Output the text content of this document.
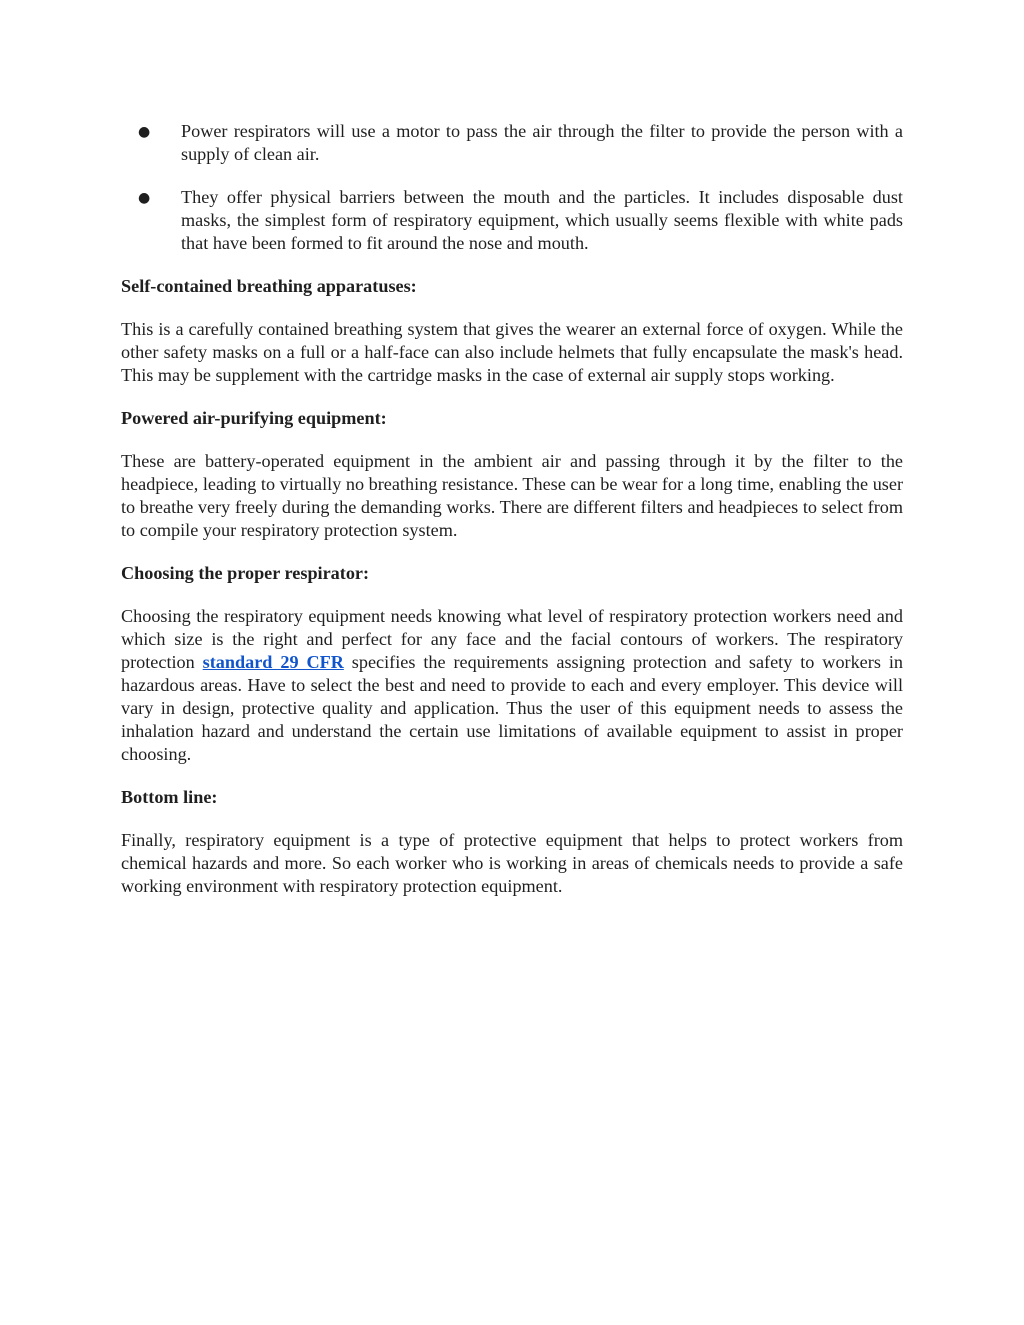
● Power respirators will use a motor to pass the air through the filter to provide the person with a supply of clean air.
● They offer physical barriers between the mouth and the particles. It includes disposable dust masks, the simplest form of respiratory equipment, which usually seems flexible with white pads that have been formed to fit around the nose and mouth.

Self-contained breathing apparatuses:

This is a carefully contained breathing system that gives the wearer an external force of oxygen. While the other safety masks on a full or a half-face can also include helmets that fully encapsulate the mask's head. This may be supplement with the cartridge masks in the case of external air supply stops working.

Powered air-purifying equipment:

These are battery-operated equipment in the ambient air and passing through it by the filter to the headpiece, leading to virtually no breathing resistance. These can be wear for a long time, enabling the user to breathe very freely during the demanding works. There are different filters and headpieces to select from to compile your respiratory protection system.

Choosing the proper respirator:

Choosing the respiratory equipment needs knowing what level of respiratory protection workers need and which size is the right and perfect for any face and the facial contours of workers. The respiratory protection standard 29 CFR specifies the requirements assigning protection and safety to workers in hazardous areas. Have to select the best and need to provide to each and every employer. This device will vary in design, protective quality and application. Thus the user of this equipment needs to assess the inhalation hazard and understand the certain use limitations of available equipment to assist in proper choosing.

Bottom line:

Finally, respiratory equipment is a type of protective equipment that helps to protect workers from chemical hazards and more. So each worker who is working in areas of chemicals needs to provide a safe working environment with respiratory protection equipment.
